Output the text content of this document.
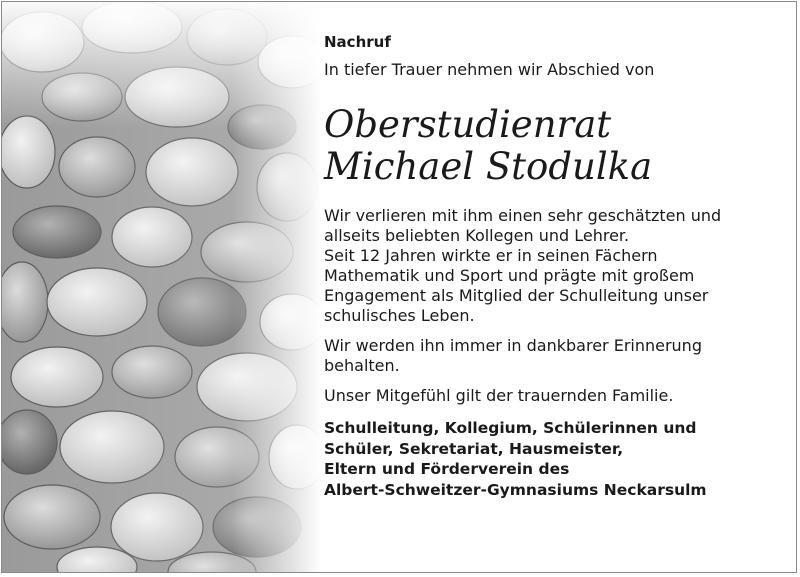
Nachruf

In tiefer Trauer nehmen wir Abschied von

Oberstudienrat
Michael Stodulka

Wir verlieren mit ihm einen sehr geschätzten und
allseits beliebten Kollegen und Lehrer.
Seit 12 Jahren wirkte er in seinen Fächern
Mathematik und Sport und prägte mit großem
Engagement als Mitglied der Schulleitung unser
schulisches Leben.

Wir werden ihn immer in dankbarer Erinnerung
behalten.

Unser Mitgefühl gilt der trauernden Familie.

Schulleitung, Kollegium, Schülerinnen und
Schüler, Sekretariat, Hausmeister,
Eltern und Förderverein des
Albert-Schweitzer-Gymnasiums Neckarsulm
